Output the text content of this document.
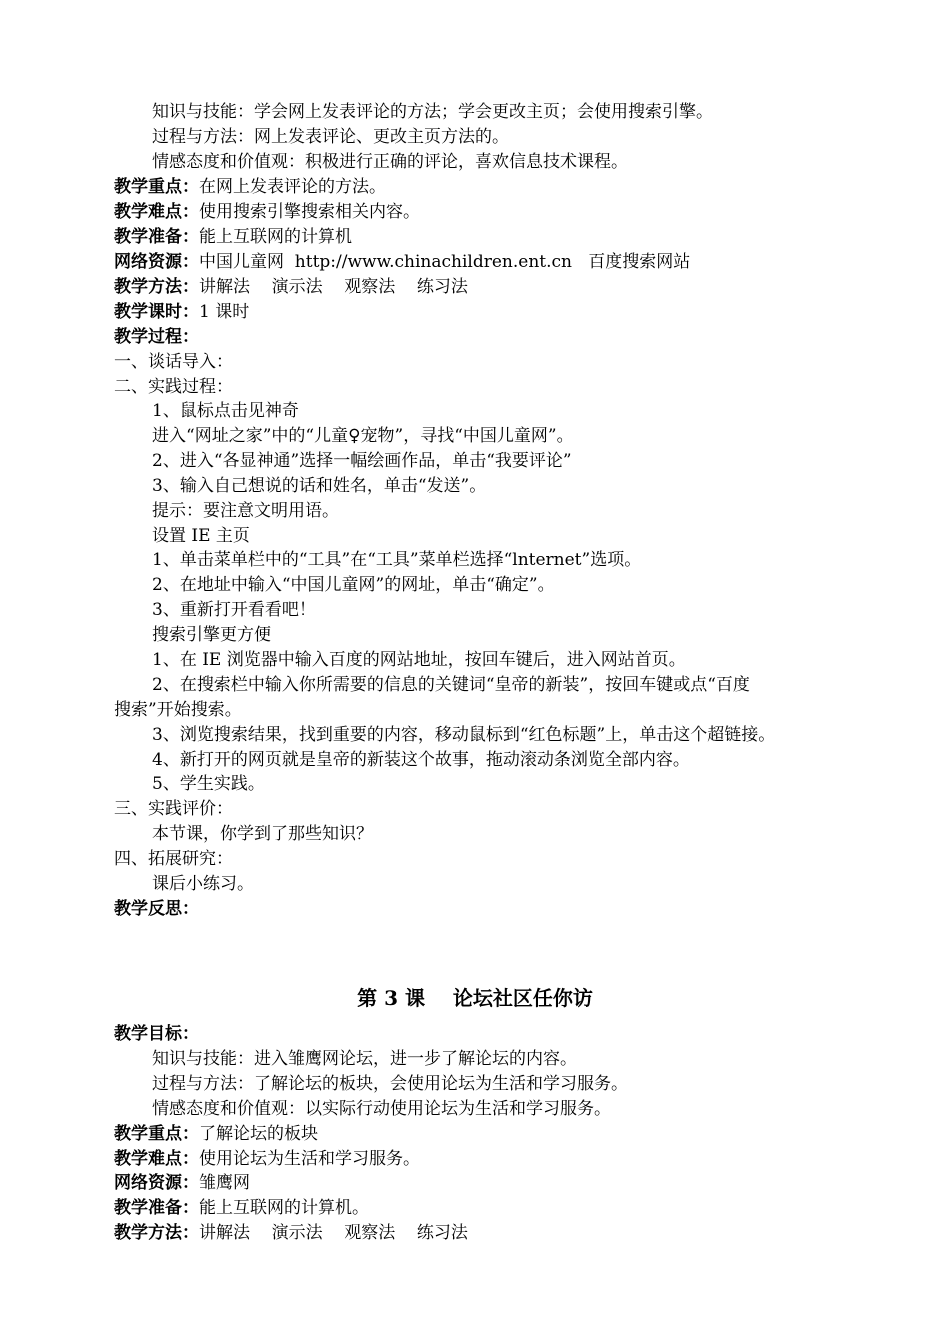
知识与技能：学会网上发表评论的方法；学会更改主页；会使用搜索引擎。
过程与方法：网上发表评论、更改主页方法的。
情感态度和价值观：积极进行正确的评论，喜欢信息技术课程。
教学重点：在网上发表评论的方法。
教学难点：使用搜索引擎搜索相关内容。
教学准备：能上互联网的计算机
网络资源：中国儿童网  http://www.chinachildren.ent.cn   百度搜索网站
教学方法：讲解法    演示法    观察法    练习法
教学课时：1 课时
教学过程：
一、谈话导入：
二、实践过程：
1、鼠标点击见神奇
进入“网址之家”中的“儿童♀宠物”，寻找“中国儿童网”。
2、进入“各显神通”选择一幅绘画作品，单击“我要评论”
3、输入自己想说的话和姓名，单击“发送”。
提示：要注意文明用语。
设置 IE 主页
1、单击菜单栏中的“工具”在“工具”菜单栏选择“lnternet”选项。
2、在地址中输入“中国儿童网”的网址，单击“确定”。
3、重新打开看看吧！
搜索引擎更方便
1、在 IE 浏览器中输入百度的网站地址，按回车键后，进入网站首页。
2、在搜索栏中输入你所需要的信息的关键词“皇帝的新装”，按回车键或点“百度
搜索”开始搜索。
3、浏览搜索结果，找到重要的内容，移动鼠标到“红色标题”上，单击这个超链接。
4、新打开的网页就是皇帝的新装这个故事，拖动滚动条浏览全部内容。
5、学生实践。
三、实践评价：
本节课，你学到了那些知识？
四、拓展研究：
课后小练习。
教学反思：
第 3 课    论坛社区任你访
教学目标：
知识与技能：进入雏鹰网论坛，进一步了解论坛的内容。
过程与方法：了解论坛的板块，会使用论坛为生活和学习服务。
情感态度和价值观：以实际行动使用论坛为生活和学习服务。
教学重点：了解论坛的板块
教学难点：使用论坛为生活和学习服务。
网络资源：雏鹰网
教学准备：能上互联网的计算机。
教学方法：讲解法    演示法    观察法    练习法
